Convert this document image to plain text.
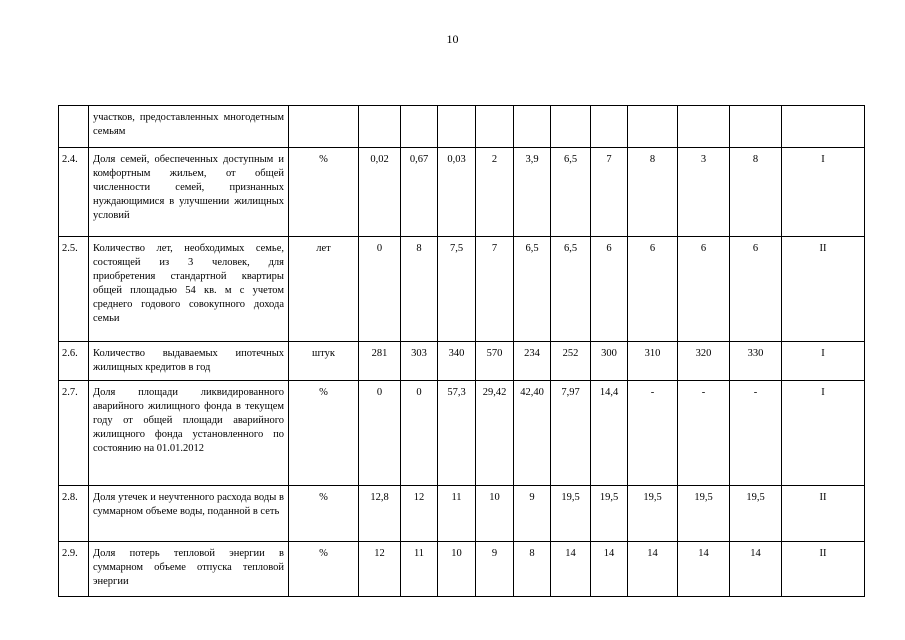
10
	участков, предоставленных многодетным семьям												
2.4.	Доля семей, обеспеченных доступным и комфортным жильем, от общей численности семей, признанных нуждающимися в улучшении жилищных условий	%	0,02	0,67	0,03	2	3,9	6,5	7	8	3	8	I
2.5.	Количество лет, необходимых семье, состоящей из 3 человек, для приобретения стандартной квартиры общей площадью 54 кв. м с учетом среднего годового совокупного дохода семьи	лет	0	8	7,5	7	6,5	6,5	6	6	6	6	II
2.6.	Количество выдаваемых ипотечных жилищных кредитов в год	штук	281	303	340	570	234	252	300	310	320	330	I
2.7.	Доля площади ликвидированного аварийного жилищного фонда в текущем году от общей площади аварийного жилищного фонда установленного по состоянию на 01.01.2012	%	0	0	57,3	29,42	42,40	7,97	14,4	-	-	-	I
2.8.	Доля утечек и неучтенного расхода воды в суммарном объеме воды, поданной в сеть	%	12,8	12	11	10	9	19,5	19,5	19,5	19,5	19,5	II
2.9.	Доля потерь тепловой энергии в суммарном объеме отпуска тепловой энергии	%	12	11	10	9	8	14	14	14	14	14	II
